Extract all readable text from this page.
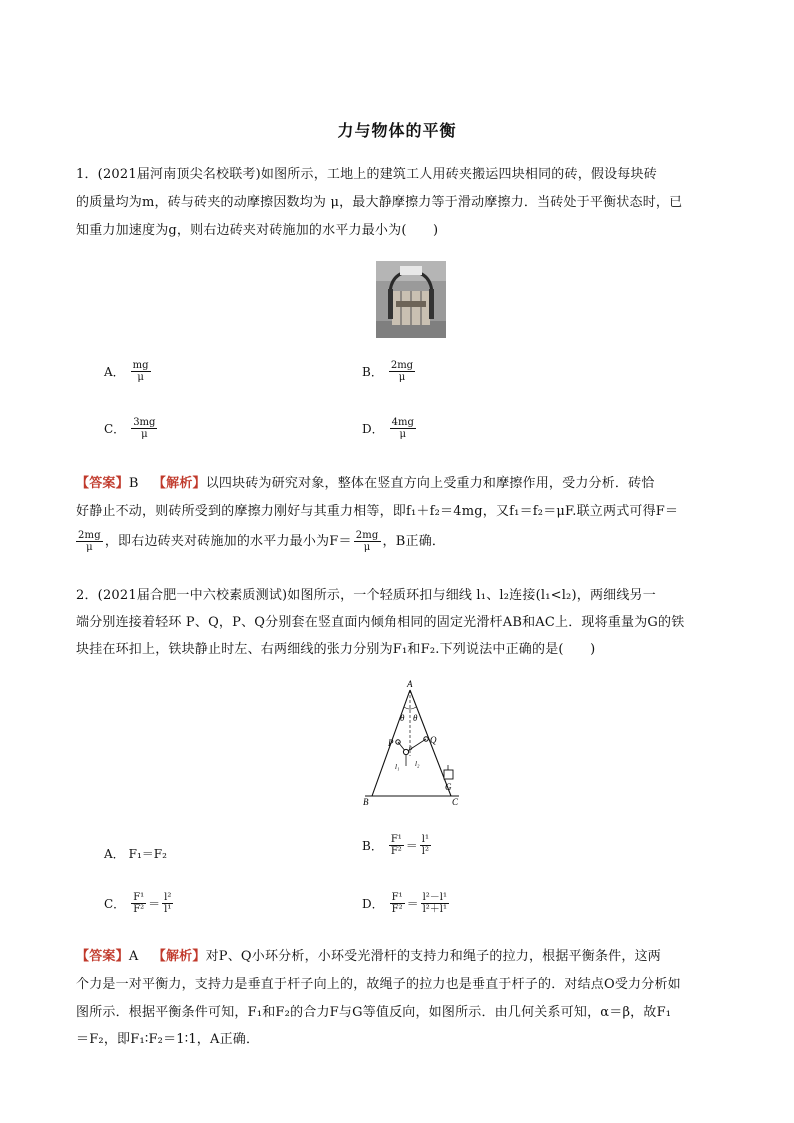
力与物体的平衡
1．(2021届河南顶尖名校联考)如图所示，工地上的建筑工人用砖夹搬运四块相同的砖，假设每块砖
的质量均为m，砖与砖夹的动摩擦因数均为 μ，最大静摩擦力等于滑动摩擦力．当砖处于平衡状态时，已
知重力加速度为g，则右边砖夹对砖施加的水平力最小为(　　)
A． $\frac{mg}{\mu}$	B． $\frac{2mg}{\mu}$
C． $\frac{3mg}{\mu}$	D． $\frac{4mg}{\mu}$
【答案】B 【解析】以四块砖为研究对象，整体在竖直方向上受重力和摩擦作用，受力分析．砖恰
好静止不动，则砖所受到的摩擦力刚好与其重力相等，即f₁＋f₂＝4mg，又f₁＝f₂＝μF.联立两式可得F＝
$\frac{2mg}{\mu}$ ，即右边砖夹对砖施加的水平力最小为$F= \frac{2mg}{\mu}$ ，B正确．
2．(2021届合肥一中六校素质测试)如图所示，一个轻质环扣与细线 l₁、l₂连接(l₁<l₂)，两细线另一
端分别连接着轻环 P、Q，P、Q分别套在竖直面内倾角相同的固定光滑杆AB和AC上．现将重量为G的铁
块挂在环扣上，铁块静止时左、右两细线的张力分别为F₁和F₂.下列说法中正确的是(　　)
A
B	C
P	Q
θ θ
l₁ l₂
G
o
A． F₁＝F₂
B． $\frac{\text{F¹}}{\text{F²}} = \frac{\text{l¹}}{\text{l²}}$
C． $\frac{\text{F¹}}{\text{F²}} = \frac{\text{l²}}{\text{l¹}}$	D． $\frac{\text{F¹}}{\text{F²}} = \frac{\text{l²－l¹}}{\text{l²＋l¹}}$
【答案】A 【解析】对P、Q小环分析，小环受光滑杆的支持力和绳子的拉力，根据平衡条件，这两
个力是一对平衡力，支持力是垂直于杆子向上的，故绳子的拉力也是垂直于杆子的．对结点O受力分析如
图所示．根据平衡条件可知，F₁和F₂的合力F与G等值反向，如图所示．由几何关系可知，α＝β，故F₁
＝F₂，即F₁∶F₂＝1∶1，A正确．
